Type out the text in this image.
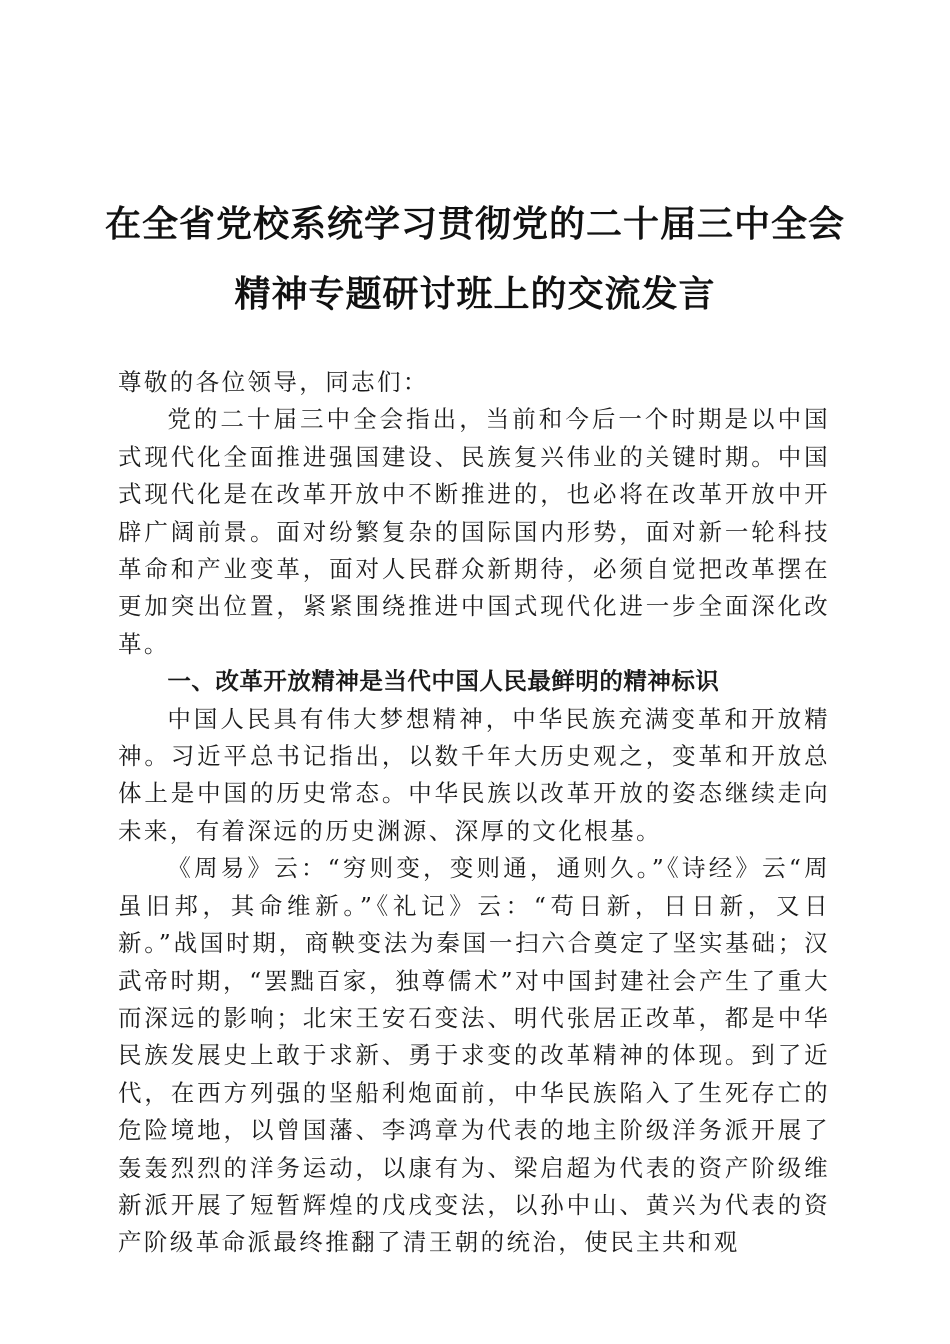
在全省党校系统学习贯彻党的二十届三中全会
精神专题研讨班上的交流发言

尊敬的各位领导，同志们：

党的二十届三中全会指出，当前和今后一个时期是以中国式现代化全面推进强国建设、民族复兴伟业的关键时期。中国式现代化是在改革开放中不断推进的，也必将在改革开放中开辟广阔前景。面对纷繁复杂的国际国内形势，面对新一轮科技革命和产业变革，面对人民群众新期待，必须自觉把改革摆在更加突出位置，紧紧围绕推进中国式现代化进一步全面深化改革。

一、改革开放精神是当代中国人民最鲜明的精神标识

中国人民具有伟大梦想精神，中华民族充满变革和开放精神。习近平总书记指出，以数千年大历史观之，变革和开放总体上是中国的历史常态。中华民族以改革开放的姿态继续走向未来，有着深远的历史渊源、深厚的文化根基。

《周易》云：“穷则变，变则通，通则久。”《诗经》云“周虽旧邦，其命维新。”《礼记》云：“苟日新，日日新，又日新。”战国时期，商鞅变法为秦国一扫六合奠定了坚实基础；汉武帝时期，“罢黜百家，独尊儒术”对中国封建社会产生了重大而深远的影响；北宋王安石变法、明代张居正改革，都是中华民族发展史上敢于求新、勇于求变的改革精神的体现。到了近代，在西方列强的坚船利炮面前，中华民族陷入了生死存亡的危险境地，以曾国藩、李鸿章为代表的地主阶级洋务派开展了轰轰烈烈的洋务运动，以康有为、梁启超为代表的资产阶级维新派开展了短暂辉煌的戊戌变法，以孙中山、黄兴为代表的资产阶级革命派最终推翻了清王朝的统治，使民主共和观
